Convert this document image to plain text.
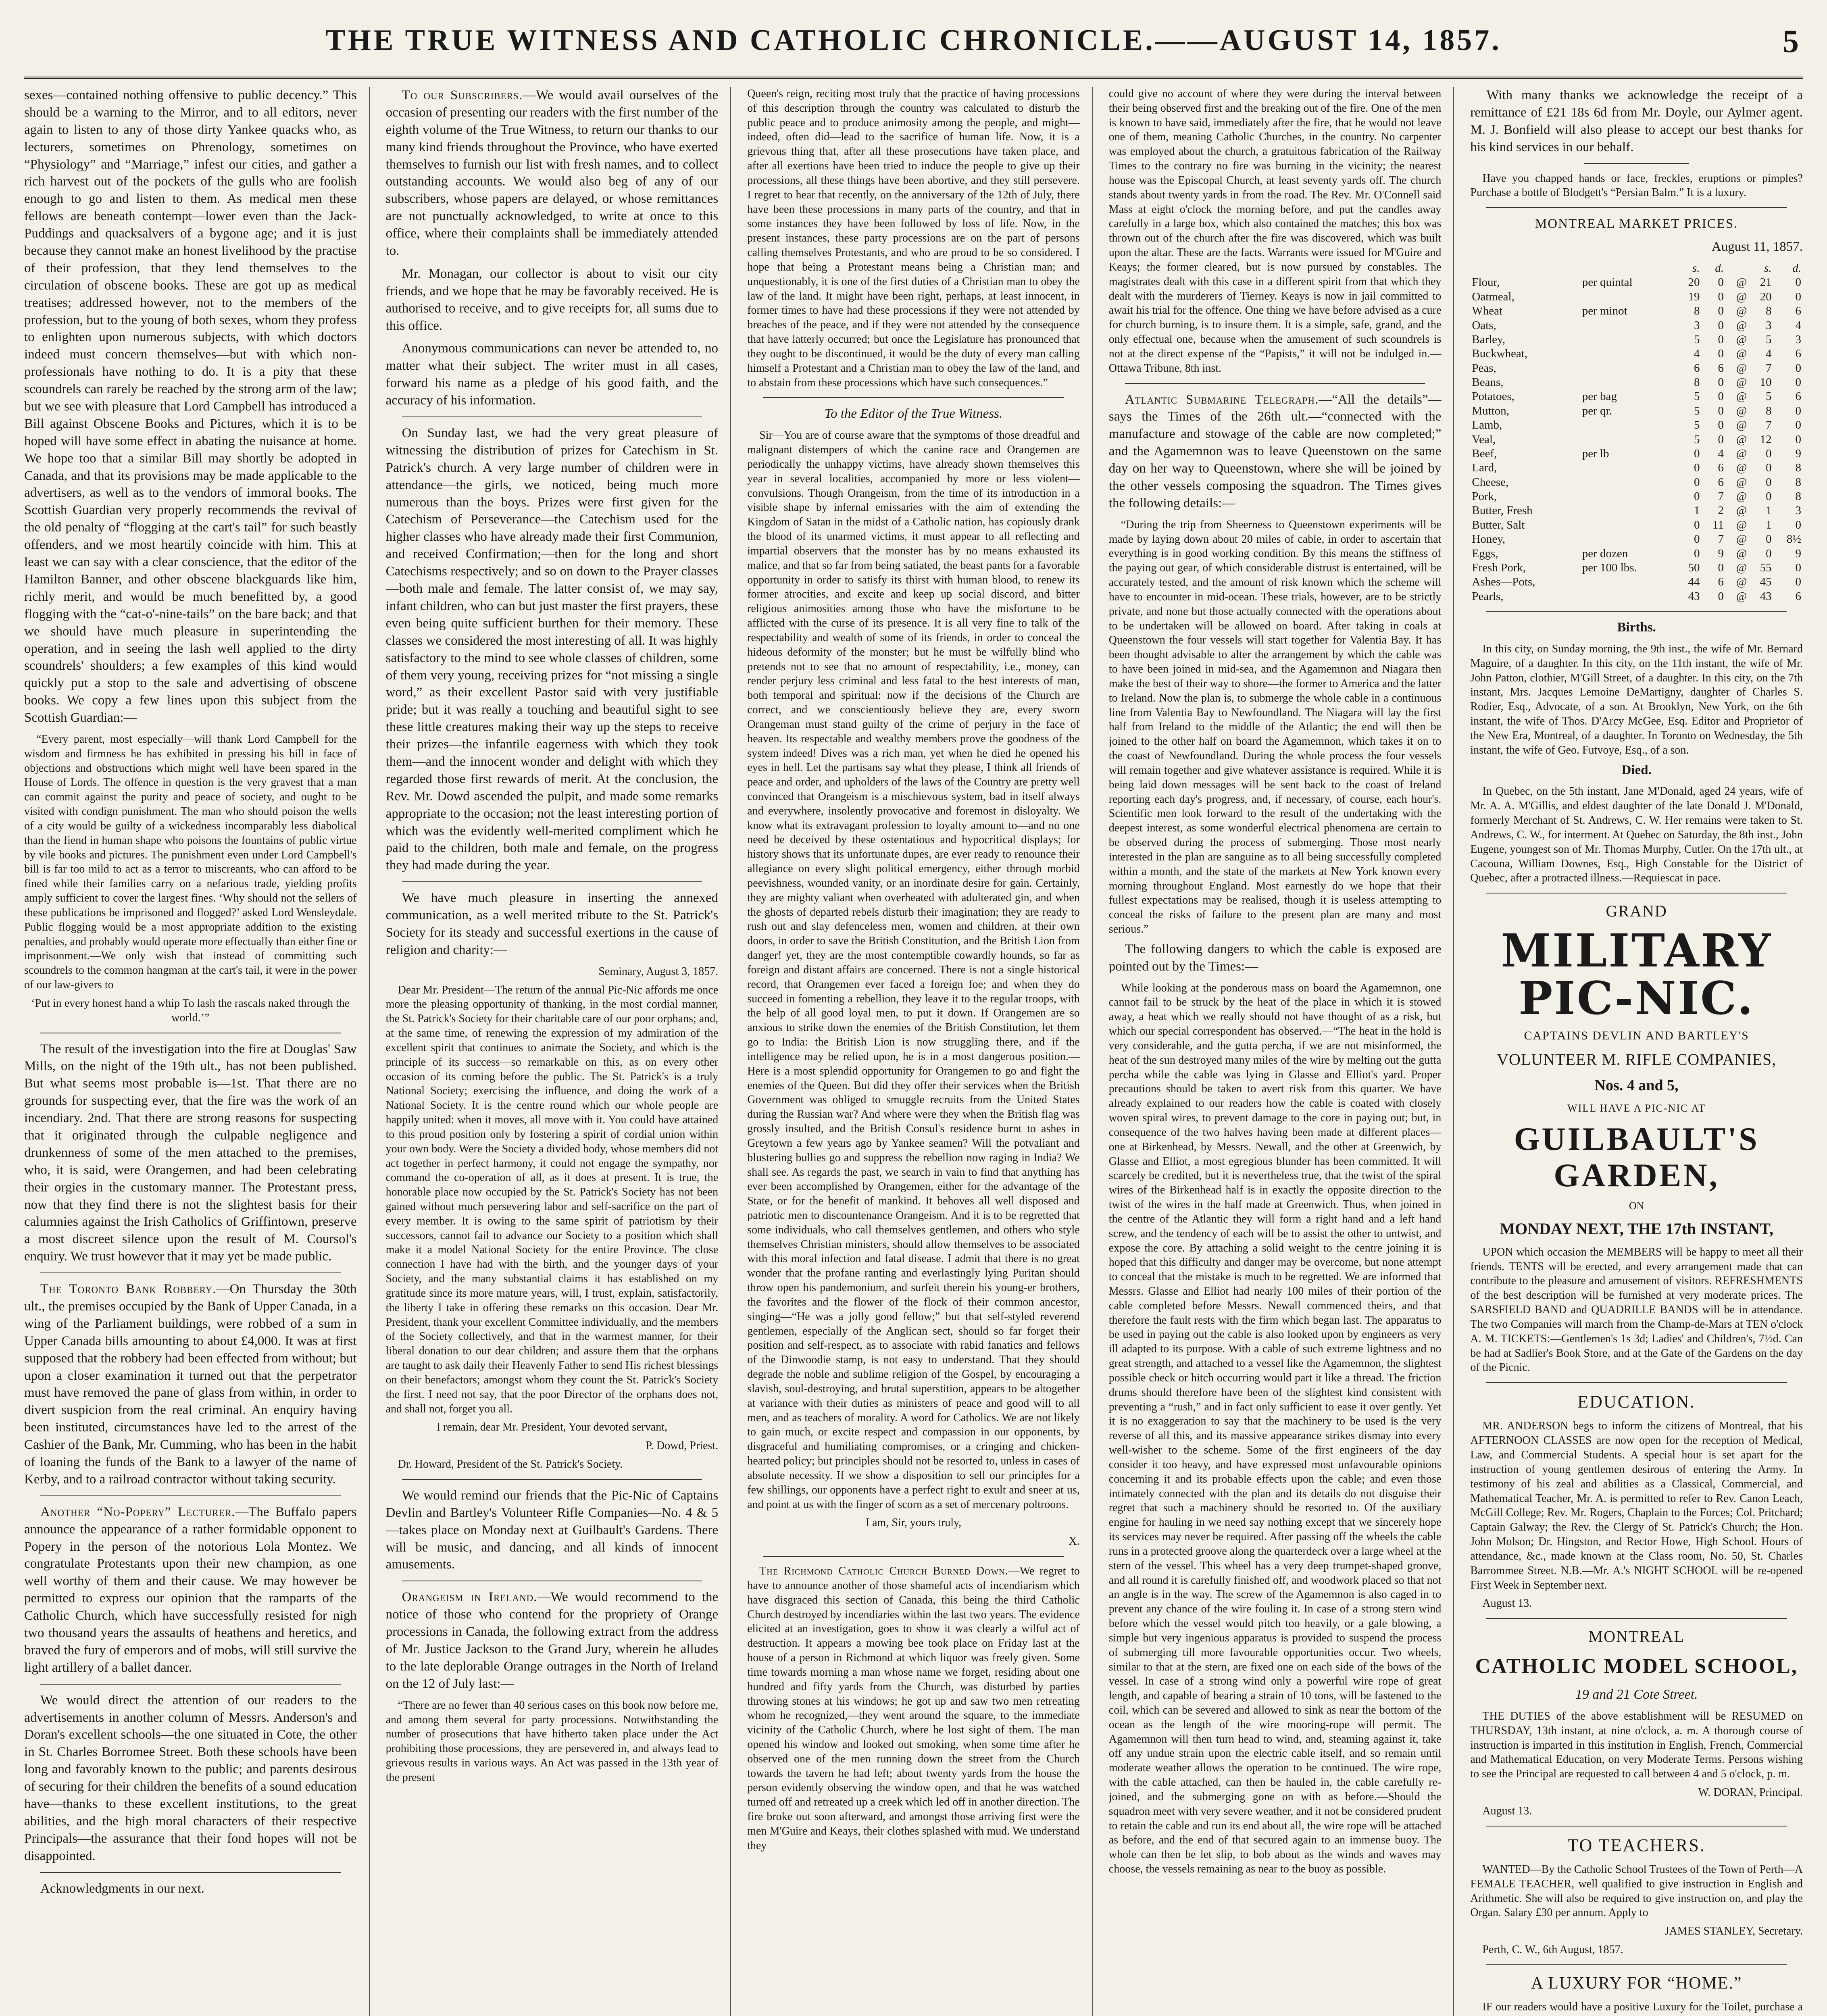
THE TRUE WITNESS AND CATHOLIC CHRONICLE.——AUGUST 14, 1857.	5

sexes—contained nothing offensive to public decency.” This should be a warning to the Mirror, and to all editors, never again to listen to any of those dirty Yankee quacks who, as lecturers, sometimes on Phrenology, sometimes on “Physiology” and “Marriage,” infest our cities, and gather a rich harvest out of the pockets of the gulls who are foolish enough to go and listen to them. As medical men these fellows are beneath contempt—lower even than the Jack-Puddings and quacksalvers of a bygone age; and it is just because they cannot make an honest livelihood by the practise of their profession, that they lend themselves to the circulation of obscene books. These are got up as medical treatises; addressed however, not to the members of the profession, but to the young of both sexes, whom they profess to enlighten upon numerous subjects, with which doctors indeed must concern themselves—but with which non-professionals have nothing to do. It is a pity that these scoundrels can rarely be reached by the strong arm of the law; but we see with pleasure that Lord Campbell has introduced a Bill against Obscene Books and Pictures, which it is to be hoped will have some effect in abating the nuisance at home. We hope too that a similar Bill may shortly be adopted in Canada, and that its provisions may be made applicable to the advertisers, as well as to the vendors of immoral books. The Scottish Guardian very properly recommends the revival of the old penalty of “flogging at the cart's tail” for such beastly offenders, and we most heartily coincide with him. This at least we can say with a clear conscience, that the editor of the Hamilton Banner, and other obscene blackguards like him, richly merit, and would be much benefitted by, a good flogging with the “cat-o'-nine-tails” on the bare back; and that we should have much pleasure in superintending the operation, and in seeing the lash well applied to the dirty scoundrels' shoulders; a few examples of this kind would quickly put a stop to the sale and advertising of obscene books. We copy a few lines upon this subject from the Scottish Guardian:—

“Every parent, most especially—will thank Lord Campbell for the wisdom and firmness he has exhibited in pressing his bill in face of objections and obstructions which might well have been spared in the House of Lords. The offence in question is the very gravest that a man can commit against the purity and peace of society, and ought to be visited with condign punishment. The man who should poison the wells of a city would be guilty of a wickedness incomparably less diabolical than the fiend in human shape who poisons the fountains of public virtue by vile books and pictures. The punishment even under Lord Campbell's bill is far too mild to act as a terror to miscreants, who can afford to be fined while their families carry on a nefarious trade, yielding profits amply sufficient to cover the largest fines. ‘Why should not the sellers of these publications be imprisoned and flogged?’ asked Lord Wensleydale. Public flogging would be a most appropriate addition to the existing penalties, and probably would operate more effectually than either fine or imprisonment.—We only wish that instead of committing such scoundrels to the common hangman at the cart's tail, it were in the power of our law-givers to

‘Put in every honest hand a whip To lash the rascals naked through the world.’”

The result of the investigation into the fire at Douglas' Saw Mills, on the night of the 19th ult., has not been published. But what seems most probable is—1st. That there are no grounds for suspecting ever, that the fire was the work of an incendiary. 2nd. That there are strong reasons for suspecting that it originated through the culpable negligence and drunkenness of some of the men attached to the premises, who, it is said, were Orangemen, and had been celebrating their orgies in the customary manner. The Protestant press, now that they find there is not the slightest basis for their calumnies against the Irish Catholics of Griffintown, preserve a most discreet silence upon the result of M. Coursol's enquiry. We trust however that it may yet be made public.

The Toronto Bank Robbery.—On Thursday the 30th ult., the premises occupied by the Bank of Upper Canada, in a wing of the Parliament buildings, were robbed of a sum in Upper Canada bills amounting to about £4,000. It was at first supposed that the robbery had been effected from without; but upon a closer examination it turned out that the perpetrator must have removed the pane of glass from within, in order to divert suspicion from the real criminal. An enquiry having been instituted, circumstances have led to the arrest of the Cashier of the Bank, Mr. Cumming, who has been in the habit of loaning the funds of the Bank to a lawyer of the name of Kerby, and to a railroad contractor without taking security.

Another “No-Popery” Lecturer.—The Buffalo papers announce the appearance of a rather formidable opponent to Popery in the person of the notorious Lola Montez. We congratulate Protestants upon their new champion, as one well worthy of them and their cause. We may however be permitted to express our opinion that the ramparts of the Catholic Church, which have successfully resisted for nigh two thousand years the assaults of heathens and heretics, and braved the fury of emperors and of mobs, will still survive the light artillery of a ballet dancer.

We would direct the attention of our readers to the advertisements in another column of Messrs. Anderson's and Doran's excellent schools—the one situated in Cote, the other in St. Charles Borromee Street. Both these schools have been long and favorably known to the public; and parents desirous of securing for their children the benefits of a sound education have—thanks to these excellent institutions, to the great abilities, and the high moral characters of their respective Principals—the assurance that their fond hopes will not be disappointed.

Acknowledgments in our next.

To our Subscribers.—We would avail ourselves of the occasion of presenting our readers with the first number of the eighth volume of the True Witness, to return our thanks to our many kind friends throughout the Province, who have exerted themselves to furnish our list with fresh names, and to collect outstanding accounts. We would also beg of any of our subscribers, whose papers are delayed, or whose remittances are not punctually acknowledged, to write at once to this office, where their complaints shall be immediately attended to.

Mr. Monagan, our collector is about to visit our city friends, and we hope that he may be favorably received. He is authorised to receive, and to give receipts for, all sums due to this office.

Anonymous communications can never be attended to, no matter what their subject. The writer must in all cases, forward his name as a pledge of his good faith, and the accuracy of his information.

On Sunday last, we had the very great pleasure of witnessing the distribution of prizes for Catechism in St. Patrick's church. A very large number of children were in attendance—the girls, we noticed, being much more numerous than the boys. Prizes were first given for the Catechism of Perseverance—the Catechism used for the higher classes who have already made their first Communion, and received Confirmation;—then for the long and short Catechisms respectively; and so on down to the Prayer classes—both male and female. The latter consist of, we may say, infant children, who can but just master the first prayers, these even being quite sufficient burthen for their memory. These classes we considered the most interesting of all. It was highly satisfactory to the mind to see whole classes of children, some of them very young, receiving prizes for “not missing a single word,” as their excellent Pastor said with very justifiable pride; but it was really a touching and beautiful sight to see these little creatures making their way up the steps to receive their prizes—the infantile eagerness with which they took them—and the innocent wonder and delight with which they regarded those first rewards of merit. At the conclusion, the Rev. Mr. Dowd ascended the pulpit, and made some remarks appropriate to the occasion; not the least interesting portion of which was the evidently well-merited compliment which he paid to the children, both male and female, on the progress they had made during the year.

We have much pleasure in inserting the annexed communication, as a well merited tribute to the St. Patrick's Society for its steady and successful exertions in the cause of religion and charity:—

Seminary, August 3, 1857.

Dear Mr. President—The return of the annual Pic-Nic affords me once more the pleasing opportunity of thanking, in the most cordial manner, the St. Patrick's Society for their charitable care of our poor orphans; and, at the same time, of renewing the expression of my admiration of the excellent spirit that continues to animate the Society, and which is the principle of its success—so remarkable on this, as on every other occasion of its coming before the public. The St. Patrick's is a truly National Society; exercising the influence, and doing the work of a National Society. It is the centre round which our whole people are happily united: when it moves, all move with it. You could have attained to this proud position only by fostering a spirit of cordial union within your own body. Were the Society a divided body, whose members did not act together in perfect harmony, it could not engage the sympathy, nor command the co-operation of all, as it does at present. It is true, the honorable place now occupied by the St. Patrick's Society has not been gained without much persevering labor and self-sacrifice on the part of every member. It is owing to the same spirit of patriotism by their successors, cannot fail to advance our Society to a position which shall make it a model National Society for the entire Province. The close connection I have had with the birth, and the younger days of your Society, and the many substantial claims it has established on my gratitude since its more mature years, will, I trust, explain, satisfactorily, the liberty I take in offering these remarks on this occasion. Dear Mr. President, thank your excellent Committee individually, and the members of the Society collectively, and that in the warmest manner, for their liberal donation to our dear children; and assure them that the orphans are taught to ask daily their Heavenly Father to send His richest blessings on their benefactors; amongst whom they count the St. Patrick's Society the first. I need not say, that the poor Director of the orphans does not, and shall not, forget you all.

I remain, dear Mr. President, Your devoted servant,

P. Dowd, Priest.

Dr. Howard, President of the St. Patrick's Society.

We would remind our friends that the Pic-Nic of Captains Devlin and Bartley's Volunteer Rifle Companies—No. 4 & 5—takes place on Monday next at Guilbault's Gardens. There will be music, and dancing, and all kinds of innocent amusements.

Orangeism in Ireland.—We would recommend to the notice of those who contend for the propriety of Orange processions in Canada, the following extract from the address of Mr. Justice Jackson to the Grand Jury, wherein he alludes to the late deplorable Orange outrages in the North of Ireland on the 12 of July last:—

“There are no fewer than 40 serious cases on this book now before me, and among them several for party processions. Notwithstanding the number of prosecutions that have hitherto taken place under the Act prohibiting those processions, they are persevered in, and always lead to grievous results in various ways. An Act was passed in the 13th year of the present

Queen's reign, reciting most truly that the practice of having processions of this description through the country was calculated to disturb the public peace and to produce animosity among the people, and might—indeed, often did—lead to the sacrifice of human life. Now, it is a grievous thing that, after all these prosecutions have taken place, and after all exertions have been tried to induce the people to give up their processions, all these things have been abortive, and they still persevere. I regret to hear that recently, on the anniversary of the 12th of July, there have been these processions in many parts of the country, and that in some instances they have been followed by loss of life. Now, in the present instances, these party processions are on the part of persons calling themselves Protestants, and who are proud to be so considered. I hope that being a Protestant means being a Christian man; and unquestionably, it is one of the first duties of a Christian man to obey the law of the land. It might have been right, perhaps, at least innocent, in former times to have had these processions if they were not attended by breaches of the peace, and if they were not attended by the consequence that have latterly occurred; but once the Legislature has pronounced that they ought to be discontinued, it would be the duty of every man calling himself a Protestant and a Christian man to obey the law of the land, and to abstain from these processions which have such consequences.”

To the Editor of the True Witness.

Sir—You are of course aware that the symptoms of those dreadful and malignant distempers of which the canine race and Orangemen are periodically the unhappy victims, have already shown themselves this year in several localities, accompanied by more or less violent—convulsions. Though Orangeism, from the time of its introduction in a visible shape by infernal emissaries with the aim of extending the Kingdom of Satan in the midst of a Catholic nation, has copiously drank the blood of its unarmed victims, it must appear to all reflecting and impartial observers that the monster has by no means exhausted its malice, and that so far from being satiated, the beast pants for a favorable opportunity in order to satisfy its thirst with human blood, to renew its former atrocities, and excite and keep up social discord, and bitter religious animosities among those who have the misfortune to be afflicted with the curse of its presence. It is all very fine to talk of the respectability and wealth of some of its friends, in order to conceal the hideous deformity of the monster; but he must be wilfully blind who pretends not to see that no amount of respectability, i.e., money, can render perjury less criminal and less fatal to the best interests of man, both temporal and spiritual: now if the decisions of the Church are correct, and we conscientiously believe they are, every sworn Orangeman must stand guilty of the crime of perjury in the face of heaven. Its respectable and wealthy members prove the goodness of the system indeed! Dives was a rich man, yet when he died he opened his eyes in hell. Let the partisans say what they please, I think all friends of peace and order, and upholders of the laws of the Country are pretty well convinced that Orangeism is a mischievous system, bad in itself always and everywhere, insolently provocative and foremost in disloyalty. We know what its extravagant profession to loyalty amount to—and no one need be deceived by these ostentatious and hypocritical displays; for history shows that its unfortunate dupes, are ever ready to renounce their allegiance on every slight political emergency, either through morbid peevishness, wounded vanity, or an inordinate desire for gain. Certainly, they are mighty valiant when overheated with adulterated gin, and when the ghosts of departed rebels disturb their imagination; they are ready to rush out and slay defenceless men, women and children, at their own doors, in order to save the British Constitution, and the British Lion from danger! yet, they are the most contemptible cowardly hounds, so far as foreign and distant affairs are concerned. There is not a single historical record, that Orangemen ever faced a foreign foe; and when they do succeed in fomenting a rebellion, they leave it to the regular troops, with the help of all good loyal men, to put it down. If Orangemen are so anxious to strike down the enemies of the British Constitution, let them go to India: the British Lion is now struggling there, and if the intelligence may be relied upon, he is in a most dangerous position.—Here is a most splendid opportunity for Orangemen to go and fight the enemies of the Queen. But did they offer their services when the British Government was obliged to smuggle recruits from the United States during the Russian war? And where were they when the British flag was grossly insulted, and the British Consul's residence burnt to ashes in Greytown a few years ago by Yankee seamen? Will the potvaliant and blustering bullies go and suppress the rebellion now raging in India? We shall see. As regards the past, we search in vain to find that anything has ever been accomplished by Orangemen, either for the advantage of the State, or for the benefit of mankind. It behoves all well disposed and patriotic men to discountenance Orangeism. And it is to be regretted that some individuals, who call themselves gentlemen, and others who style themselves Christian ministers, should allow themselves to be associated with this moral infection and fatal disease. I admit that there is no great wonder that the profane ranting and everlastingly lying Puritan should throw open his pandemonium, and surfeit therein his young-er brothers, the favorites and the flower of the flock of their common ancestor, singing—“He was a jolly good fellow;” but that self-styled reverend gentlemen, especially of the Anglican sect, should so far forget their position and self-respect, as to associate with rabid fanatics and fellows of the Dinwoodie stamp, is not easy to understand. That they should degrade the noble and sublime religion of the Gospel, by encouraging a slavish, soul-destroying, and brutal superstition, appears to be altogether at variance with their duties as ministers of peace and good will to all men, and as teachers of morality. A word for Catholics. We are not likely to gain much, or excite respect and compassion in our opponents, by disgraceful and humiliating compromises, or a cringing and chicken-hearted policy; but principles should not be resorted to, unless in cases of absolute necessity. If we show a disposition to sell our principles for a few shillings, our opponents have a perfect right to exult and sneer at us, and point at us with the finger of scorn as a set of mercenary poltroons.

I am, Sir, yours truly,

X.

The Richmond Catholic Church Burned Down.—We regret to have to announce another of those shameful acts of incendiarism which have disgraced this section of Canada, this being the third Catholic Church destroyed by incendiaries within the last two years. The evidence elicited at an investigation, goes to show it was clearly a wilful act of destruction. It appears a mowing bee took place on Friday last at the house of a person in Richmond at which liquor was freely given. Some time towards morning a man whose name we forget, residing about one hundred and fifty yards from the Church, was disturbed by parties throwing stones at his windows; he got up and saw two men retreating whom he recognized,—they went around the square, to the immediate vicinity of the Catholic Church, where he lost sight of them. The man opened his window and looked out smoking, when some time after he observed one of the men running down the street from the Church towards the tavern he had left; about twenty yards from the house the person evidently observing the window open, and that he was watched turned off and retreated up a creek which led off in another direction. The fire broke out soon afterward, and amongst those arriving first were the men M'Guire and Keays, their clothes splashed with mud. We understand they

could give no account of where they were during the interval between their being observed first and the breaking out of the fire. One of the men is known to have said, immediately after the fire, that he would not leave one of them, meaning Catholic Churches, in the country. No carpenter was employed about the church, a gratuitous fabrication of the Railway Times to the contrary no fire was burning in the vicinity; the nearest house was the Episcopal Church, at least seventy yards off. The church stands about twenty yards in from the road. The Rev. Mr. O'Connell said Mass at eight o'clock the morning before, and put the candles away carefully in a large box, which also contained the matches; this box was thrown out of the church after the fire was discovered, which was built upon the altar. These are the facts. Warrants were issued for M'Guire and Keays; the former cleared, but is now pursued by constables. The magistrates dealt with this case in a different spirit from that which they dealt with the murderers of Tierney. Keays is now in jail committed to await his trial for the offence. One thing we have before advised as a cure for church burning, is to insure them. It is a simple, safe, grand, and the only effectual one, because when the amusement of such scoundrels is not at the direct expense of the “Papists,” it will not be indulged in.—Ottawa Tribune, 8th inst.

Atlantic Submarine Telegraph.—“All the details”—says the Times of the 26th ult.—“connected with the manufacture and stowage of the cable are now completed;” and the Agamemnon was to leave Queenstown on the same day on her way to Queenstown, where she will be joined by the other vessels composing the squadron. The Times gives the following details:—

“During the trip from Sheerness to Queenstown experiments will be made by laying down about 20 miles of cable, in order to ascertain that everything is in good working condition. By this means the stiffness of the paying out gear, of which considerable distrust is entertained, will be accurately tested, and the amount of risk known which the scheme will have to encounter in mid-ocean. These trials, however, are to be strictly private, and none but those actually connected with the operations about to be undertaken will be allowed on board. After taking in coals at Queenstown the four vessels will start together for Valentia Bay. It has been thought advisable to alter the arrangement by which the cable was to have been joined in mid-sea, and the Agamemnon and Niagara then make the best of their way to shore—the former to America and the latter to Ireland. Now the plan is, to submerge the whole cable in a continuous line from Valentia Bay to Newfoundland. The Niagara will lay the first half from Ireland to the middle of the Atlantic; the end will then be joined to the other half on board the Agamemnon, which takes it on to the coast of Newfoundland. During the whole process the four vessels will remain together and give whatever assistance is required. While it is being laid down messages will be sent back to the coast of Ireland reporting each day's progress, and, if necessary, of course, each hour's. Scientific men look forward to the result of the undertaking with the deepest interest, as some wonderful electrical phenomena are certain to be observed during the process of submerging. Those most nearly interested in the plan are sanguine as to all being successfully completed within a month, and the state of the markets at New York known every morning throughout England. Most earnestly do we hope that their fullest expectations may be realised, though it is useless attempting to conceal the risks of failure to the present plan are many and most serious.”

The following dangers to which the cable is exposed are pointed out by the Times:—

While looking at the ponderous mass on board the Agamemnon, one cannot fail to be struck by the heat of the place in which it is stowed away, a heat which we really should not have thought of as a risk, but which our special correspondent has observed.—“The heat in the hold is very considerable, and the gutta percha, if we are not misinformed, the heat of the sun destroyed many miles of the wire by melting out the gutta percha while the cable was lying in Glasse and Elliot's yard. Proper precautions should be taken to avert risk from this quarter. We have already explained to our readers how the cable is coated with closely woven spiral wires, to prevent damage to the core in paying out; but, in consequence of the two halves having been made at different places—one at Birkenhead, by Messrs. Newall, and the other at Greenwich, by Glasse and Elliot, a most egregious blunder has been committed. It will scarcely be credited, but it is nevertheless true, that the twist of the spiral wires of the Birkenhead half is in exactly the opposite direction to the twist of the wires in the half made at Greenwich. Thus, when joined in the centre of the Atlantic they will form a right hand and a left hand screw, and the tendency of each will be to assist the other to untwist, and expose the core. By attaching a solid weight to the centre joining it is hoped that this difficulty and danger may be overcome, but none attempt to conceal that the mistake is much to be regretted. We are informed that Messrs. Glasse and Elliot had nearly 100 miles of their portion of the cable completed before Messrs. Newall commenced theirs, and that therefore the fault rests with the firm which began last. The apparatus to be used in paying out the cable is also looked upon by engineers as very ill adapted to its purpose. With a cable of such extreme lightness and no great strength, and attached to a vessel like the Agamemnon, the slightest possible check or hitch occurring would part it like a thread. The friction drums should therefore have been of the slightest kind consistent with preventing a “rush,” and in fact only sufficient to ease it over gently. Yet it is no exaggeration to say that the machinery to be used is the very reverse of all this, and its massive appearance strikes dismay into every well-wisher to the scheme. Some of the first engineers of the day consider it too heavy, and have expressed most unfavourable opinions concerning it and its probable effects upon the cable; and even those intimately connected with the plan and its details do not disguise their regret that such a machinery should be resorted to. Of the auxiliary engine for hauling in we need say nothing except that we sincerely hope its services may never be required. After passing off the wheels the cable runs in a protected groove along the quarterdeck over a large wheel at the stern of the vessel. This wheel has a very deep trumpet-shaped groove, and all round it is carefully finished off, and woodwork placed so that not an angle is in the way. The screw of the Agamemnon is also caged in to prevent any chance of the wire fouling it. In case of a strong stern wind before which the vessel would pitch too heavily, or a gale blowing, a simple but very ingenious apparatus is provided to suspend the process of submerging till more favourable opportunities occur. Two wheels, similar to that at the stern, are fixed one on each side of the bows of the vessel. In case of a strong wind only a powerful wire rope of great length, and capable of bearing a strain of 10 tons, will be fastened to the coil, which can be severed and allowed to sink as near the bottom of the ocean as the length of the wire mooring-rope will permit. The Agamemnon will then turn head to wind, and, steaming against it, take off any undue strain upon the electric cable itself, and so remain until moderate weather allows the operation to be continued. The wire rope, with the cable attached, can then be hauled in, the cable carefully re-joined, and the submerging gone on with as before.—Should the squadron meet with very severe weather, and it not be considered prudent to retain the cable and run its end about all, the wire rope will be attached as before, and the end of that secured again to an immense buoy. The whole can then be let slip, to bob about as the winds and waves may choose, the vessels remaining as near to the buoy as possible.

With many thanks we acknowledge the receipt of a remittance of £21 18s 6d from Mr. Doyle, our Aylmer agent. M. J. Bonfield will also please to accept our best thanks for his kind services in our behalf.

Have you chapped hands or face, freckles, eruptions or pimples? Purchase a bottle of Blodgett's “Persian Balm.” It is a luxury.

MONTREAL MARKET PRICES.

August 11, 1857.

		s.	d.		s.	d.
Flour,	per quintal	20	0	@	21	0
Oatmeal,		19	0	@	20	0
Wheat	per minot	8	0	@	8	6
Oats,		3	0	@	3	4
Barley,		5	0	@	5	3
Buckwheat,		4	0	@	4	6
Peas,		6	6	@	7	0
Beans,		8	0	@	10	0
Potatoes,	per bag	5	0	@	5	6
Mutton,	per qr.	5	0	@	8	0
Lamb,		5	0	@	7	0
Veal,		5	0	@	12	0
Beef,	per lb	0	4	@	0	9
Lard,		0	6	@	0	8
Cheese,		0	6	@	0	8
Pork,		0	7	@	0	8
Butter, Fresh		1	2	@	1	3
Butter, Salt		0	11	@	1	0
Honey,		0	7	@	0	8½
Eggs,	per dozen	0	9	@	0	9
Fresh Pork,	per 100 lbs.	50	0	@	55	0
Ashes—Pots,		44	6	@	45	0
Pearls,		43	0	@	43	6

Births.

In this city, on Sunday morning, the 9th inst., the wife of Mr. Bernard Maguire, of a daughter. In this city, on the 11th instant, the wife of Mr. John Patton, clothier, M'Gill Street, of a daughter. In this city, on the 7th instant, Mrs. Jacques Lemoine DeMartigny, daughter of Charles S. Rodier, Esq., Advocate, of a son. At Brooklyn, New York, on the 6th instant, the wife of Thos. D'Arcy McGee, Esq. Editor and Proprietor of the New Era, Montreal, of a daughter. In Toronto on Wednesday, the 5th instant, the wife of Geo. Futvoye, Esq., of a son.

Died.

In Quebec, on the 5th instant, Jane M'Donald, aged 24 years, wife of Mr. A. A. M'Gillis, and eldest daughter of the late Donald J. M'Donald, formerly Merchant of St. Andrews, C. W. Her remains were taken to St. Andrews, C. W., for interment. At Quebec on Saturday, the 8th inst., John Eugene, youngest son of Mr. Thomas Murphy, Cutler. On the 17th ult., at Cacouna, William Downes, Esq., High Constable for the District of Quebec, after a protracted illness.—Requiescat in pace.

GRAND

MILITARY PIC-NIC.

CAPTAINS DEVLIN AND BARTLEY'S

VOLUNTEER M. RIFLE COMPANIES,

Nos. 4 and 5,

WILL HAVE A PIC-NIC AT

GUILBAULT'S GARDEN,

ON

MONDAY NEXT, THE 17th INSTANT,

UPON which occasion the MEMBERS will be happy to meet all their friends. TENTS will be erected, and every arrangement made that can contribute to the pleasure and amusement of visitors. REFRESHMENTS of the best description will be furnished at very moderate prices. The SARSFIELD BAND and QUADRILLE BANDS will be in attendance. The two Companies will march from the Champ-de-Mars at TEN o'clock A. M. TICKETS:—Gentlemen's 1s 3d; Ladies' and Children's, 7½d. Can be had at Sadlier's Book Store, and at the Gate of the Gardens on the day of the Picnic.

EDUCATION.

MR. ANDERSON begs to inform the citizens of Montreal, that his AFTERNOON CLASSES are now open for the reception of Medical, Law, and Commercial Students. A special hour is set apart for the instruction of young gentlemen desirous of entering the Army. In testimony of his zeal and abilities as a Classical, Commercial, and Mathematical Teacher, Mr. A. is permitted to refer to Rev. Canon Leach, McGill College; Rev. Mr. Rogers, Chaplain to the Forces; Col. Pritchard; Captain Galway; the Rev. the Clergy of St. Patrick's Church; the Hon. John Molson; Dr. Hingston, and Rector Howe, High School. Hours of attendance, &c., made known at the Class room, No. 50, St. Charles Barrommee Street. N.B.—Mr. A.'s NIGHT SCHOOL will be re-opened First Week in September next.

August 13.

MONTREAL

CATHOLIC MODEL SCHOOL,

19 and 21 Cote Street.

THE DUTIES of the above establishment will be RESUMED on THURSDAY, 13th instant, at nine o'clock, a. m. A thorough course of instruction is imparted in this institution in English, French, Commercial and Mathematical Education, on very Moderate Terms. Persons wishing to see the Principal are requested to call between 4 and 5 o'clock, p. m.

W. DORAN, Principal.

August 13.

TO TEACHERS.

WANTED—By the Catholic School Trustees of the Town of Perth—A FEMALE TEACHER, well qualified to give instruction in English and Arithmetic. She will also be required to give instruction on, and play the Organ. Salary £30 per annum. Apply to

JAMES STANLEY, Secretary.

Perth, C. W., 6th August, 1857.

A LUXURY FOR “HOME.”

IF our readers would have a positive Luxury for the Toilet, purchase a
